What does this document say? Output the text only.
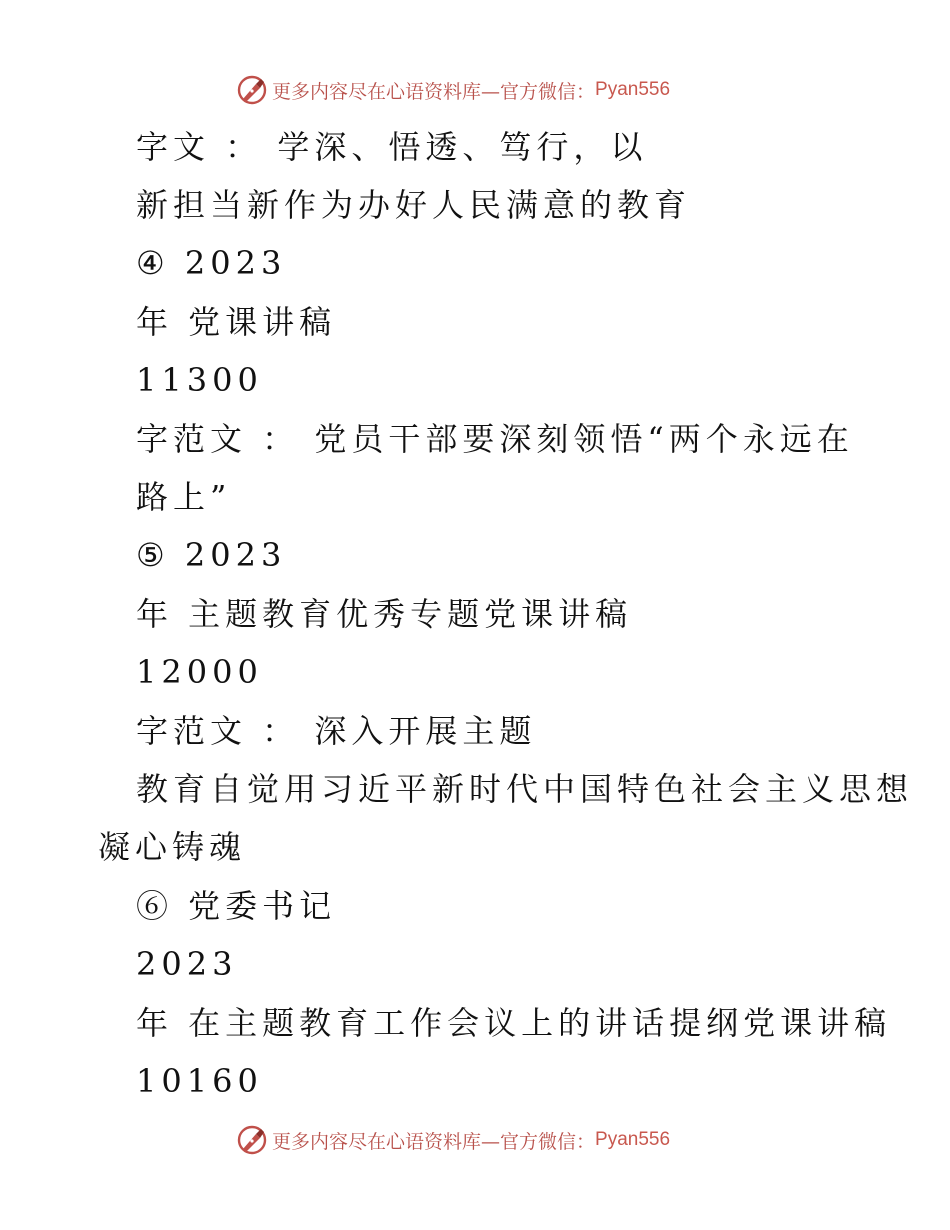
更多内容尽在心语资料库—官方微信： Pyan556
字文 ： 学深、悟透、笃行，以
新担当新作为办好人民满意的教育
④ 2023
年 党课讲稿
11300
字范文 ： 党员干部要深刻领悟“两个永远在
路上”
⑤ 2023
年 主题教育优秀专题党课讲稿
12000
字范文 ： 深入开展主题
教育自觉用习近平新时代中国特色社会主义思想
凝心铸魂
⑥ 党委书记
2023
年 在主题教育工作会议上的讲话提纲党课讲稿
10160
更多内容尽在心语资料库—官方微信： Pyan556
